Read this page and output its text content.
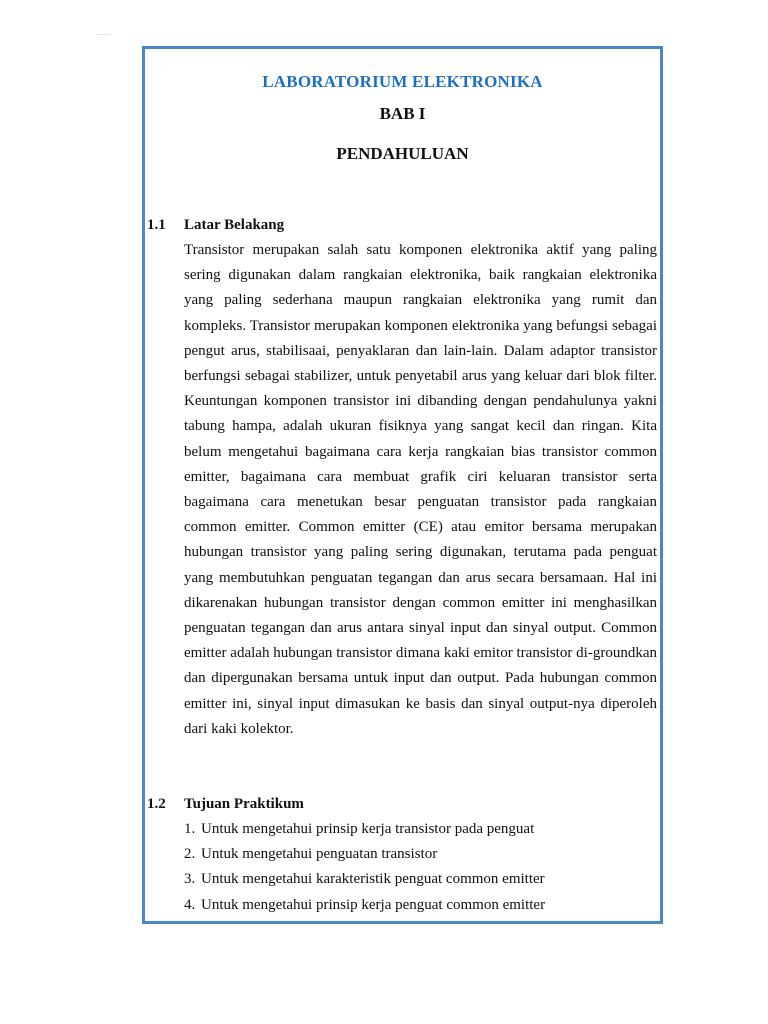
LABORATORIUM ELEKTRONIKA
BAB I
PENDAHULUAN
1.1 Latar Belakang

Transistor merupakan salah satu komponen elektronika aktif yang paling sering digunakan dalam rangkaian elektronika, baik rangkaian elektronika yang paling sederhana maupun rangkaian elektronika yang rumit dan kompleks. Transistor merupakan komponen elektronika yang befungsi sebagai pengut arus, stabilisaai, penyaklaran dan lain-lain. Dalam adaptor transistor berfungsi sebagai stabilizer, untuk penyetabil arus yang keluar dari blok filter. Keuntungan komponen transistor ini dibanding dengan pendahulunya yakni tabung hampa, adalah ukuran fisiknya yang sangat kecil dan ringan. Kita belum mengetahui bagaimana cara kerja rangkaian bias transistor common emitter, bagaimana cara membuat grafik ciri keluaran transistor serta bagaimana cara menetukan besar penguatan transistor pada rangkaian common emitter. Common emitter (CE) atau emitor bersama merupakan hubungan transistor yang paling sering digunakan, terutama pada penguat yang membutuhkan penguatan tegangan dan arus secara bersamaan. Hal ini dikarenakan hubungan transistor dengan common emitter ini menghasilkan penguatan tegangan dan arus antara sinyal input dan sinyal output. Common emitter adalah hubungan transistor dimana kaki emitor transistor di-groundkan dan dipergunakan bersama untuk input dan output. Pada hubungan common emitter ini, sinyal input dimasukan ke basis dan sinyal output-nya diperoleh dari kaki kolektor.

1.2 Tujuan Praktikum
1. Untuk mengetahui prinsip kerja transistor pada penguat
2. Untuk mengetahui penguatan transistor
3. Untuk mengetahui karakteristik penguat common emitter
4. Untuk mengetahui prinsip kerja penguat common emitter
